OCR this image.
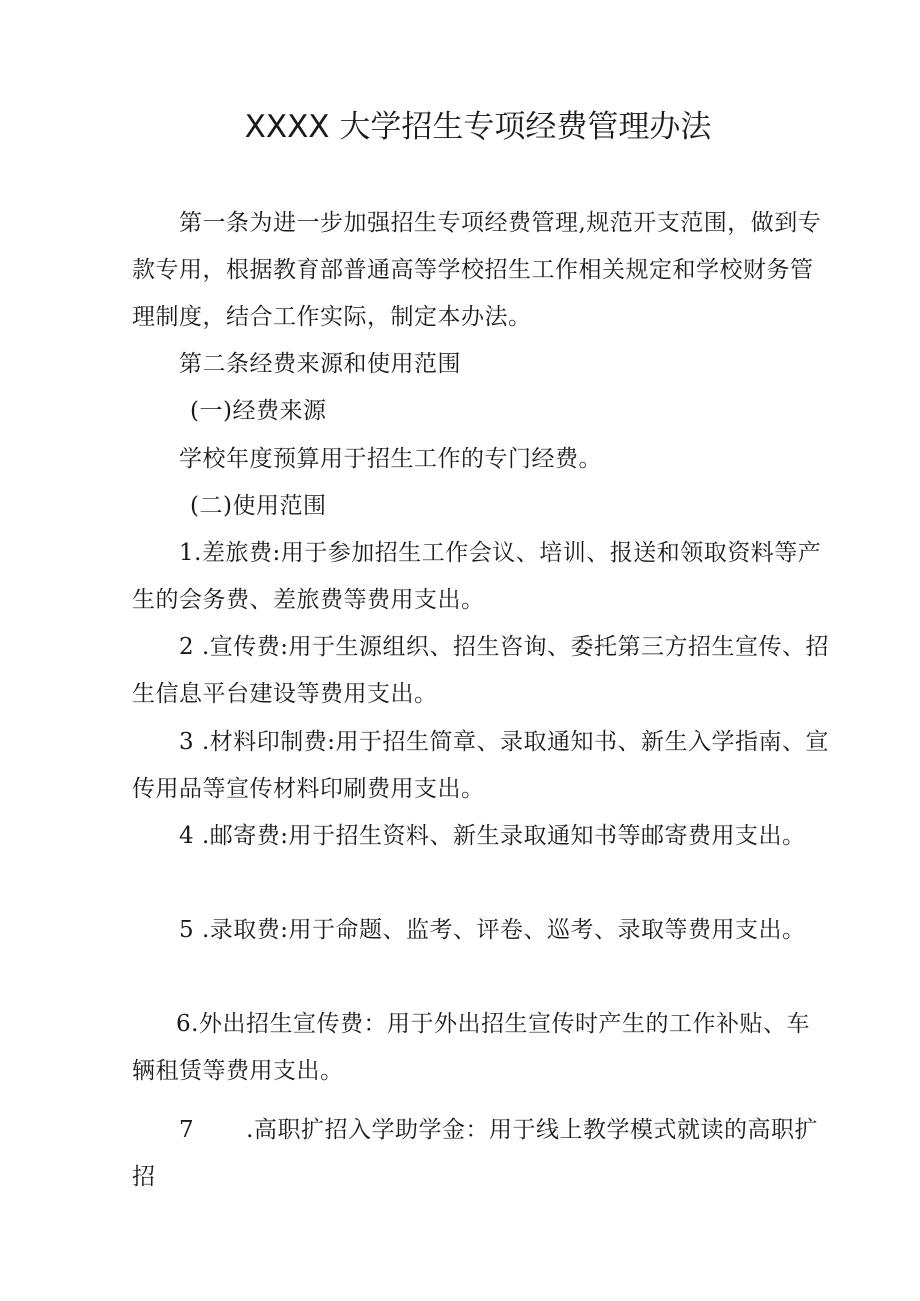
XXXX 大学招生专项经费管理办法

第一条为进一步加强招生专项经费管理,规范开支范围，做到专款专用，根据教育部普通高等学校招生工作相关规定和学校财务管理制度，结合工作实际，制定本办法。

第二条经费来源和使用范围

(一)经费来源

学校年度预算用于招生工作的专门经费。

(二)使用范围

1.差旅费:用于参加招生工作会议、培训、报送和领取资料等产生的会务费、差旅费等费用支出。

2 .宣传费:用于生源组织、招生咨询、委托第三方招生宣传、招生信息平台建设等费用支出。

3 .材料印制费:用于招生简章、录取通知书、新生入学指南、宣传用品等宣传材料印刷费用支出。

4 .邮寄费:用于招生资料、新生录取通知书等邮寄费用支出。

5 .录取费:用于命题、监考、评卷、巡考、录取等费用支出。

6.外出招生宣传费：用于外出招生宣传时产生的工作补贴、车辆租赁等费用支出。

7 .高职扩招入学助学金：用于线上教学模式就读的高职扩招
